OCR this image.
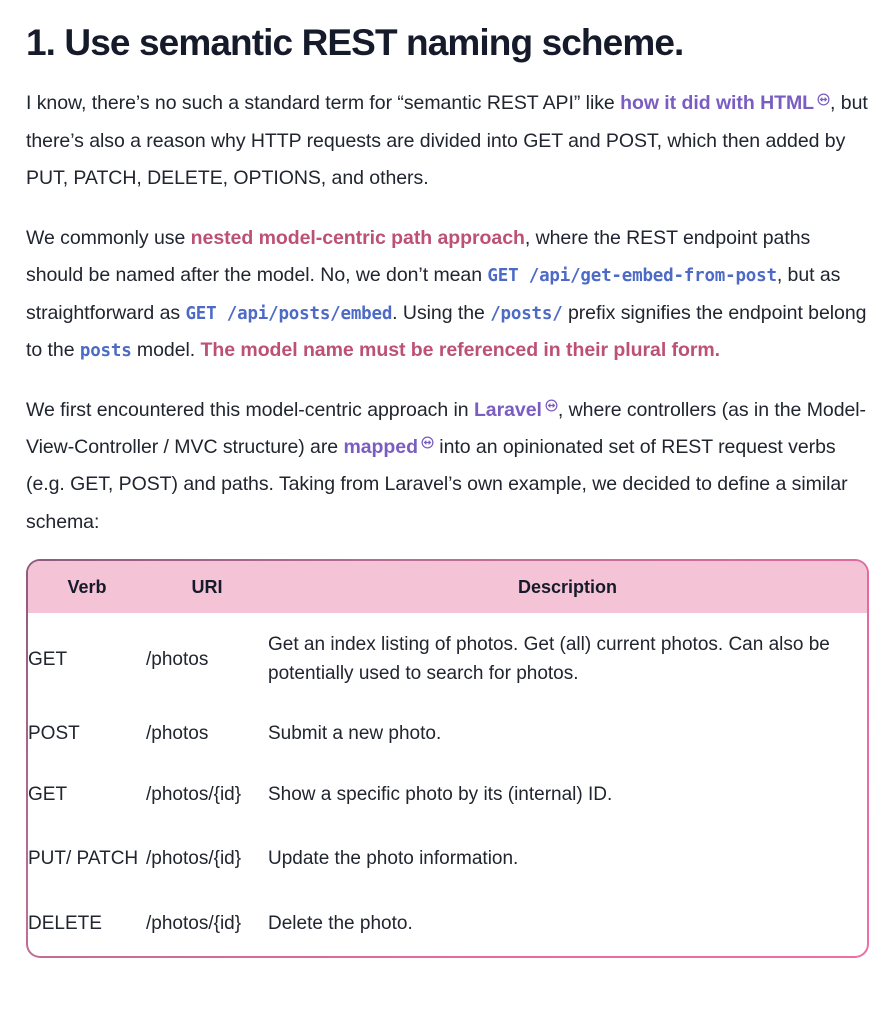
1. Use semantic REST naming scheme.

I know, there’s no such a standard term for “semantic REST API” like how it did with HTML , but there’s also a reason why HTTP requests are divided into GET and POST, which then added by PUT, PATCH, DELETE, OPTIONS, and others.

We commonly use nested model-centric path approach, where the REST endpoint paths should be named after the model. No, we don’t mean GET /api/get-embed-from-post, but as straightforward as GET /api/posts/embed. Using the /posts/ prefix signifies the endpoint belong to the posts model. The model name must be referenced in their plural form.

We first encountered this model-centric approach in Laravel , where controllers (as in the Model-View-Controller / MVC structure) are mapped
into an opinionated set of REST request verbs (e.g. GET, POST) and paths. Taking from Laravel’s own example, we decided to define a similar schema:

Verb	URI	Description
GET	/photos	Get an index listing of photos. Get (all) current photos. Can also be potentially used to search for photos.
POST	/photos	Submit a new photo.
GET	/photos/{id}	Show a specific photo by its (internal) ID.
PUT/ PATCH	/photos/{id}	Update the photo information.
DELETE	/photos/{id}	Delete the photo.
